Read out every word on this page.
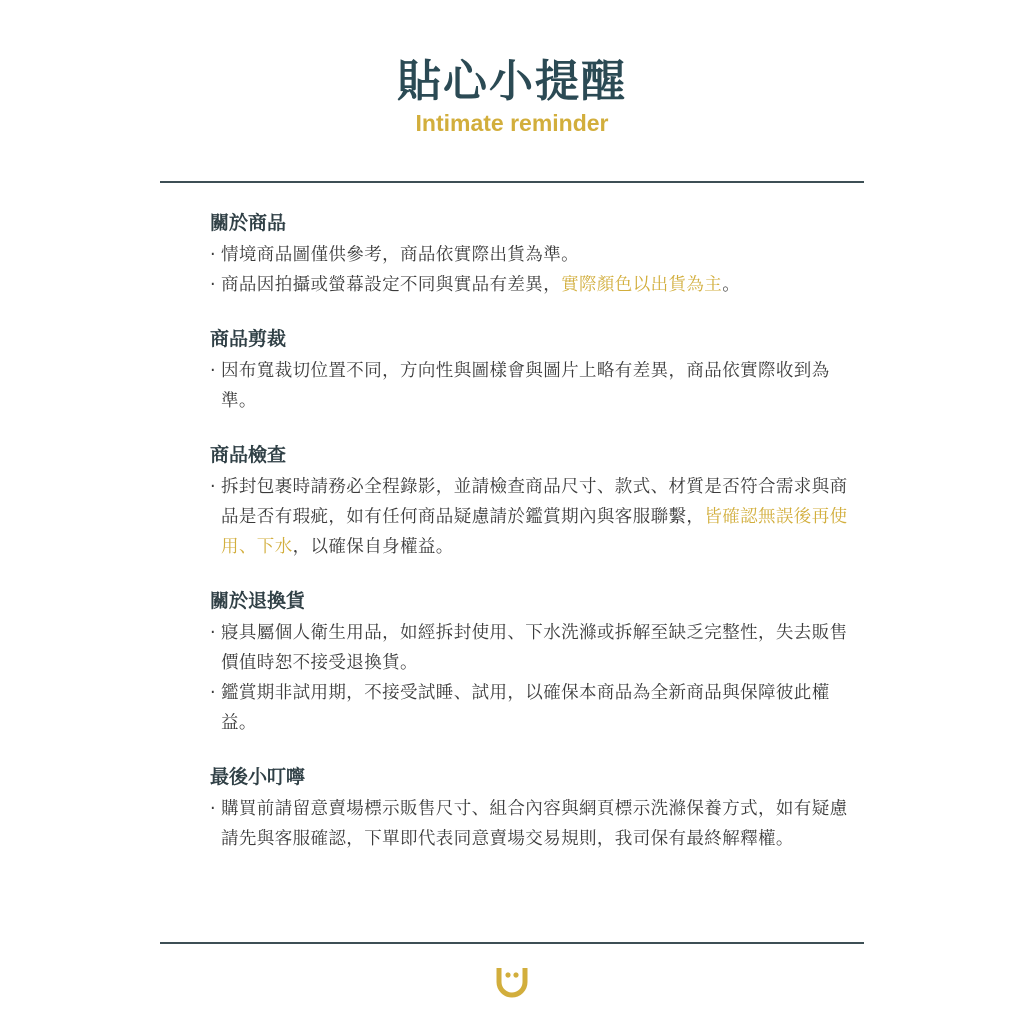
貼心小提醒
Intimate reminder
關於商品
· 情境商品圖僅供參考，商品依實際出貨為準。
· 商品因拍攝或螢幕設定不同與實品有差異，實際顏色以出貨為主。
商品剪裁
· 因布寬裁切位置不同，方向性與圖樣會與圖片上略有差異，商品依實際收到為準。
商品檢查
· 拆封包裹時請務必全程錄影，並請檢查商品尺寸、款式、材質是否符合需求與商品是否有瑕疵，如有任何商品疑慮請於鑑賞期內與客服聯繫，皆確認無誤後再使用、下水，以確保自身權益。
關於退換貨
· 寢具屬個人衛生用品，如經拆封使用、下水洗滌或拆解至缺乏完整性，失去販售價值時恕不接受退換貨。
· 鑑賞期非試用期，不接受試睡、試用，以確保本商品為全新商品與保障彼此權益。
最後小叮嚀
· 購買前請留意賣場標示販售尺寸、組合內容與網頁標示洗滌保養方式，如有疑慮請先與客服確認，下單即代表同意賣場交易規則，我司保有最終解釋權。
